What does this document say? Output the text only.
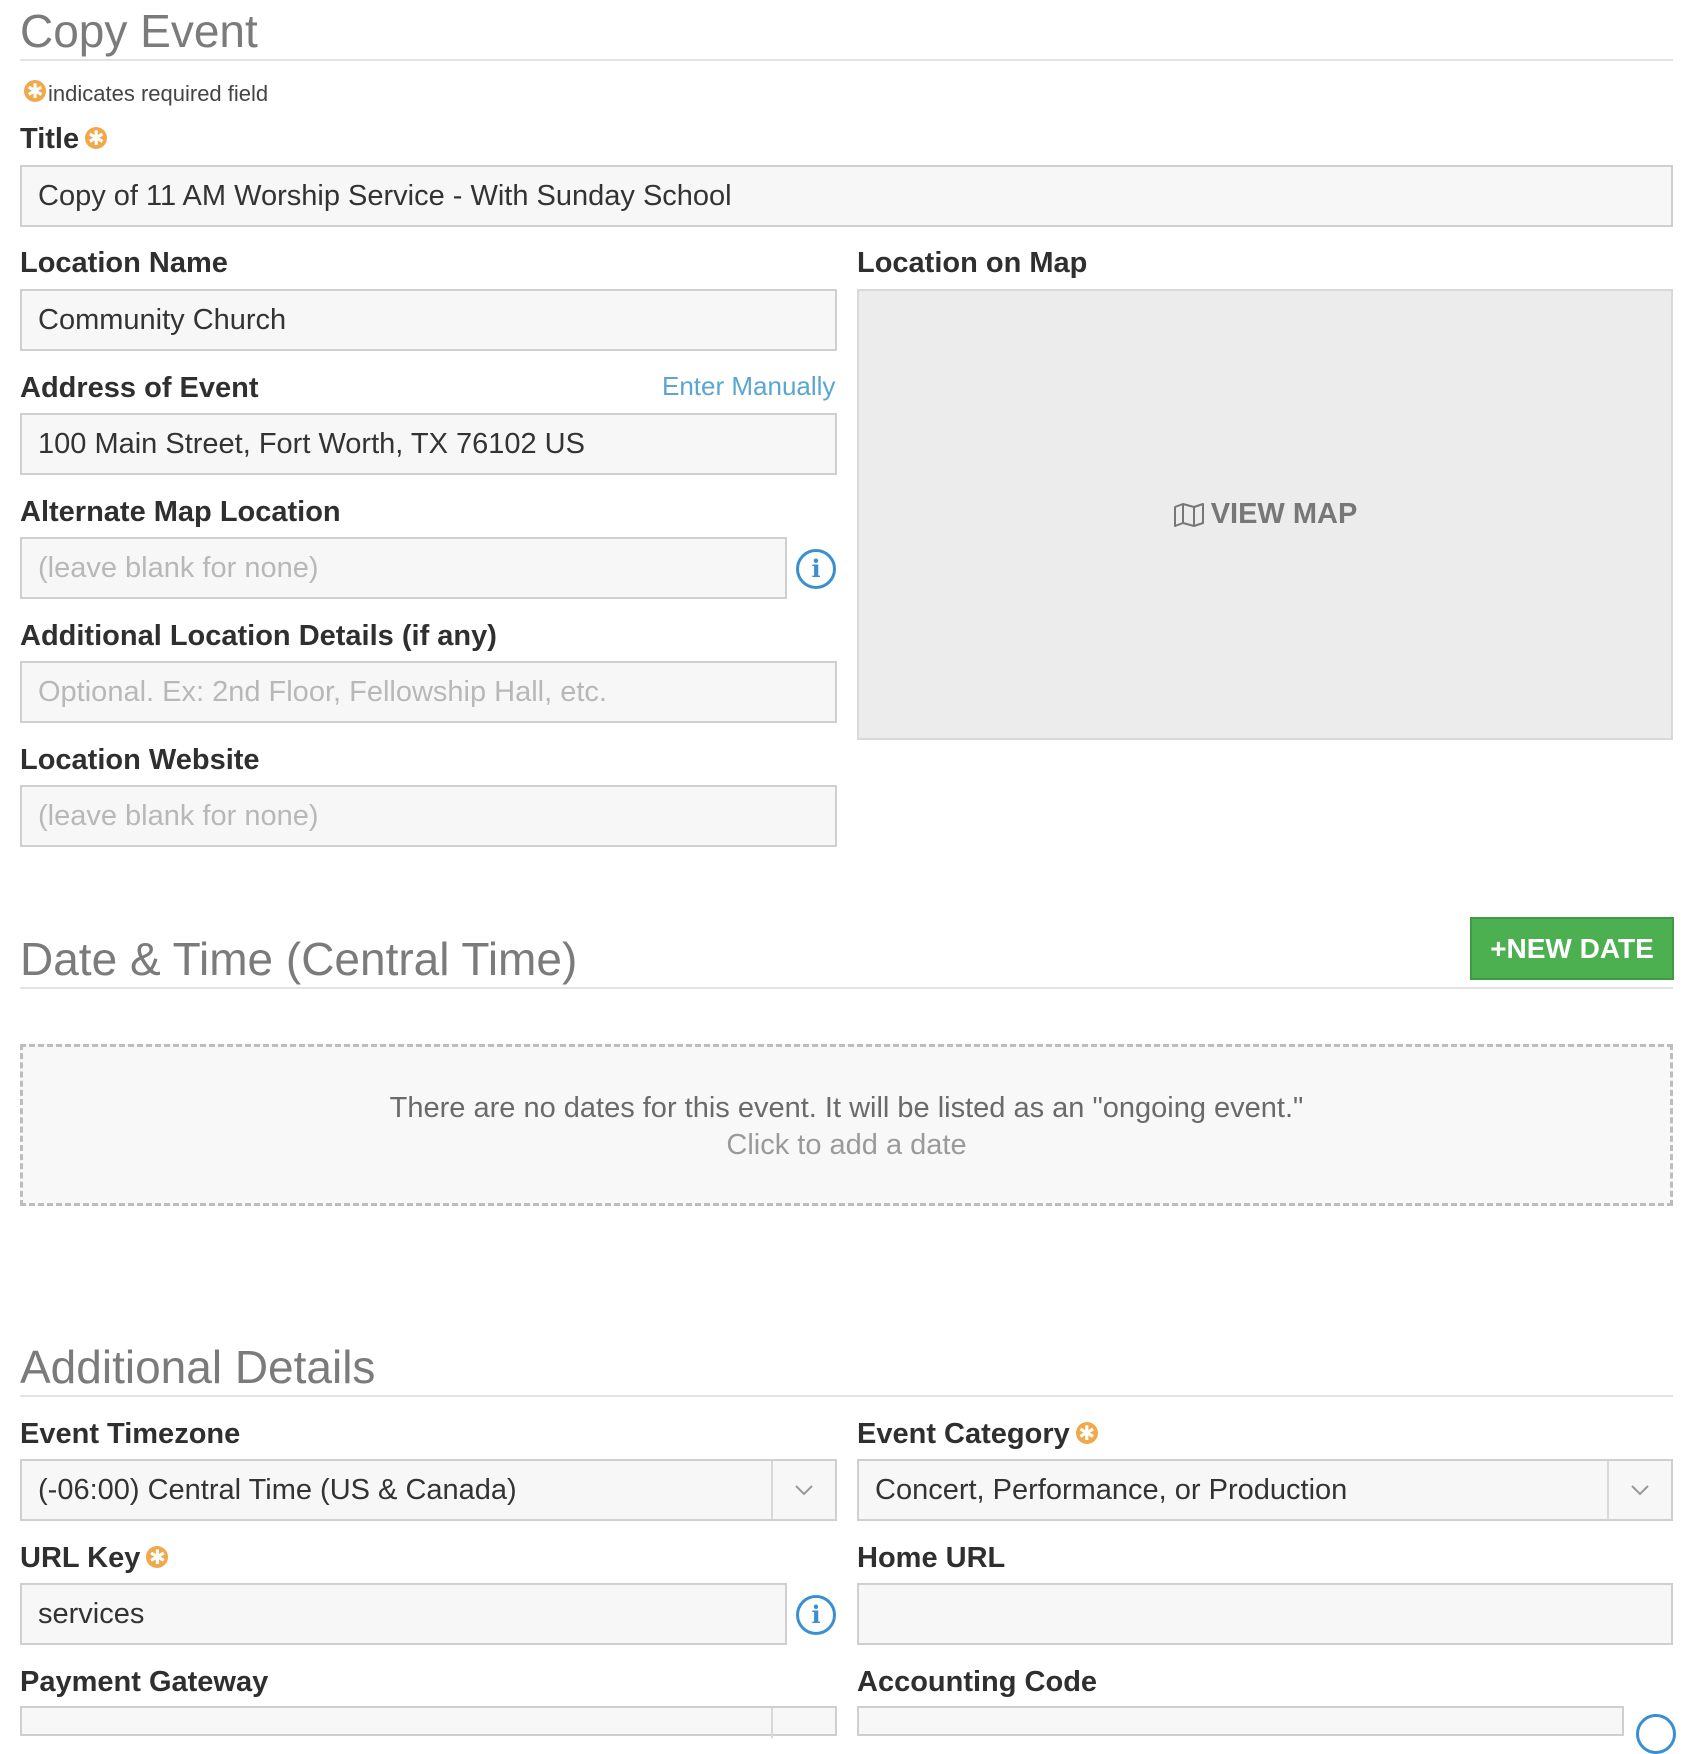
Copy Event
✱ indicates required field
Title ✱
Copy of 11 AM Worship Service - With Sunday School
Location Name
Community Church
Address of Event	Enter Manually
100 Main Street, Fort Worth, TX 76102 US
Alternate Map Location
(leave blank for none)
i
Additional Location Details (if any)
Optional. Ex: 2nd Floor, Fellowship Hall, etc.
Location Website
(leave blank for none)
Location on Map
VIEW MAP
Date & Time (Central Time)	+NEW DATE
There are no dates for this event. It will be listed as an "ongoing event."
Click to add a date
Additional Details
Event Timezone
(-06:00) Central Time (US & Canada)
Event Category ✱
Concert, Performance, or Production
URL Key ✱
services
i
Home URL
Payment Gateway	Accounting Code
